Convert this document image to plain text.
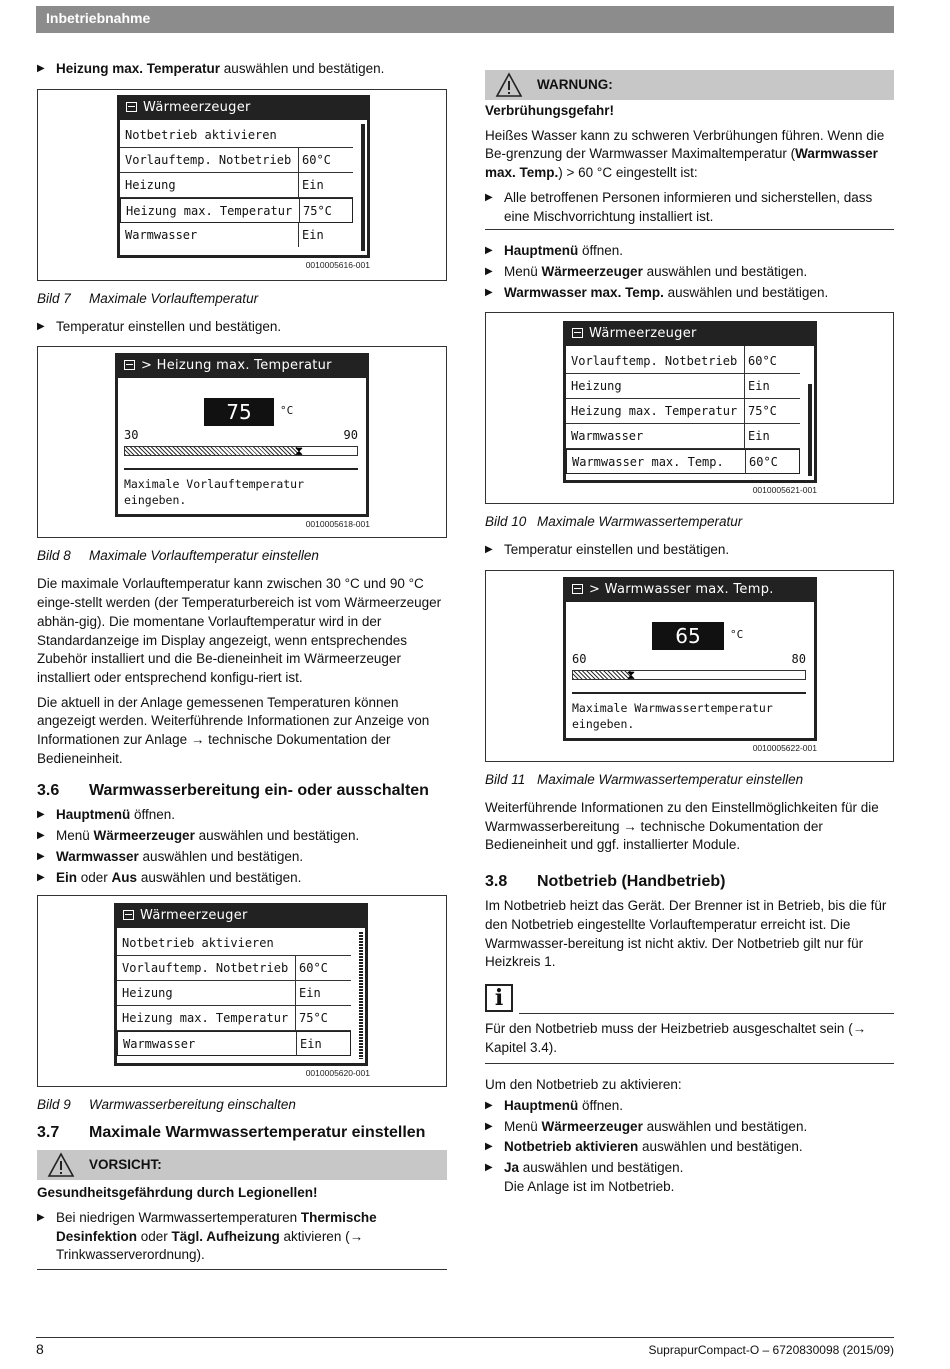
Inbetriebnahme
▶ Heizung max. Temperatur auswählen und bestätigen.
Wärmeerzeuger
Notbetrieb aktivieren
Vorlauftemp. Notbetrieb 60°C
Heizung	Ein
Heizung max. Temperatur 75°C
Warmwasser	Ein
0010005616-001
Bild 7 Maximale Vorlauftemperatur
▶ Temperatur einstellen und bestätigen.
> Heizung max. Temperatur
75	°C
30	90
⧗
Maximale Vorlauftemperatur eingeben.
0010005618-001
Bild 8 Maximale Vorlauftemperatur einstellen

Die maximale Vorlauftemperatur kann zwischen 30 °C und 90 °C einge-stellt werden (der Temperaturbereich ist vom Wärmeerzeuger abhän-gig). Die momentane Vorlauftemperatur wird in der Standardanzeige im Display angezeigt, wenn entsprechendes Zubehör installiert und die Be-dieneinheit im Wärmeerzeuger installiert oder entsprechend konfigu-riert ist.

Die aktuell in der Anlage gemessenen Temperaturen können angezeigt werden. Weiterführende Informationen zur Anzeige von Informationen zur Anlage → technische Dokumentation der Bedieneinheit.

3.6 Warmwasserbereitung ein- oder ausschalten
▶ Hauptmenü öffnen.
▶ Menü Wärmeerzeuger auswählen und bestätigen.
▶ Warmwasser auswählen und bestätigen.
▶ Ein oder Aus auswählen und bestätigen.
Wärmeerzeuger
Notbetrieb aktivieren
Vorlauftemp. Notbetrieb 60°C
Heizung	Ein
Heizung max. Temperatur 75°C
Warmwasser	Ein
0010005620-001
Bild 9 Warmwasserbereitung einschalten
3.7 Maximale Warmwassertemperatur einstellen
VORSICHT:
Gesundheitsgefährdung durch Legionellen!
▶ Bei niedrigen Warmwassertemperaturen Thermische Desinfektion oder Tägl. Aufheizung aktivieren (→ Trinkwasserverordnung).
WARNUNG:
Verbrühungsgefahr!

Heißes Wasser kann zu schweren Verbrühungen führen. Wenn die Be-grenzung der Warmwasser Maximaltemperatur (Warmwasser max. Temp.) > 60 °C eingestellt ist:

▶ Alle betroffenen Personen informieren und sicherstellen, dass eine Mischvorrichtung installiert ist.
▶ Hauptmenü öffnen.
▶ Menü Wärmeerzeuger auswählen und bestätigen.
▶ Warmwasser max. Temp. auswählen und bestätigen.
Wärmeerzeuger
Vorlauftemp. Notbetrieb 60°C
Heizung	Ein
Heizung max. Temperatur 75°C
Warmwasser	Ein
Warmwasser max. Temp.	60°C
0010005621-001
Bild 10 Maximale Warmwassertemperatur
▶ Temperatur einstellen und bestätigen.
> Warmwasser max. Temp.
65	°C
60	80
⧗
Maximale Warmwassertemperatur eingeben.
0010005622-001
Bild 11 Maximale Warmwassertemperatur einstellen

Weiterführende Informationen zu den Einstellmöglichkeiten für die Warmwasserbereitung → technische Dokumentation der Bedieneinheit und ggf. installierter Module.

3.8 Notbetrieb (Handbetrieb)

Im Notbetrieb heizt das Gerät. Der Brenner ist in Betrieb, bis die für den Notbetrieb eingestellte Vorlauftemperatur erreicht ist. Die Warmwasser-bereitung ist nicht aktiv. Der Notbetrieb gilt nur für Heizkreis 1.

i

Für den Notbetrieb muss der Heizbetrieb ausgeschaltet sein (→ Kapitel 3.4).

Um den Notbetrieb zu aktivieren:

▶ Hauptmenü öffnen.
▶ Menü Wärmeerzeuger auswählen und bestätigen.
▶ Notbetrieb aktivieren auswählen und bestätigen.
▶ Ja auswählen und bestätigen.
Die Anlage ist im Notbetrieb.
8	SuprapurCompact-O – 6720830098 (2015/09)
